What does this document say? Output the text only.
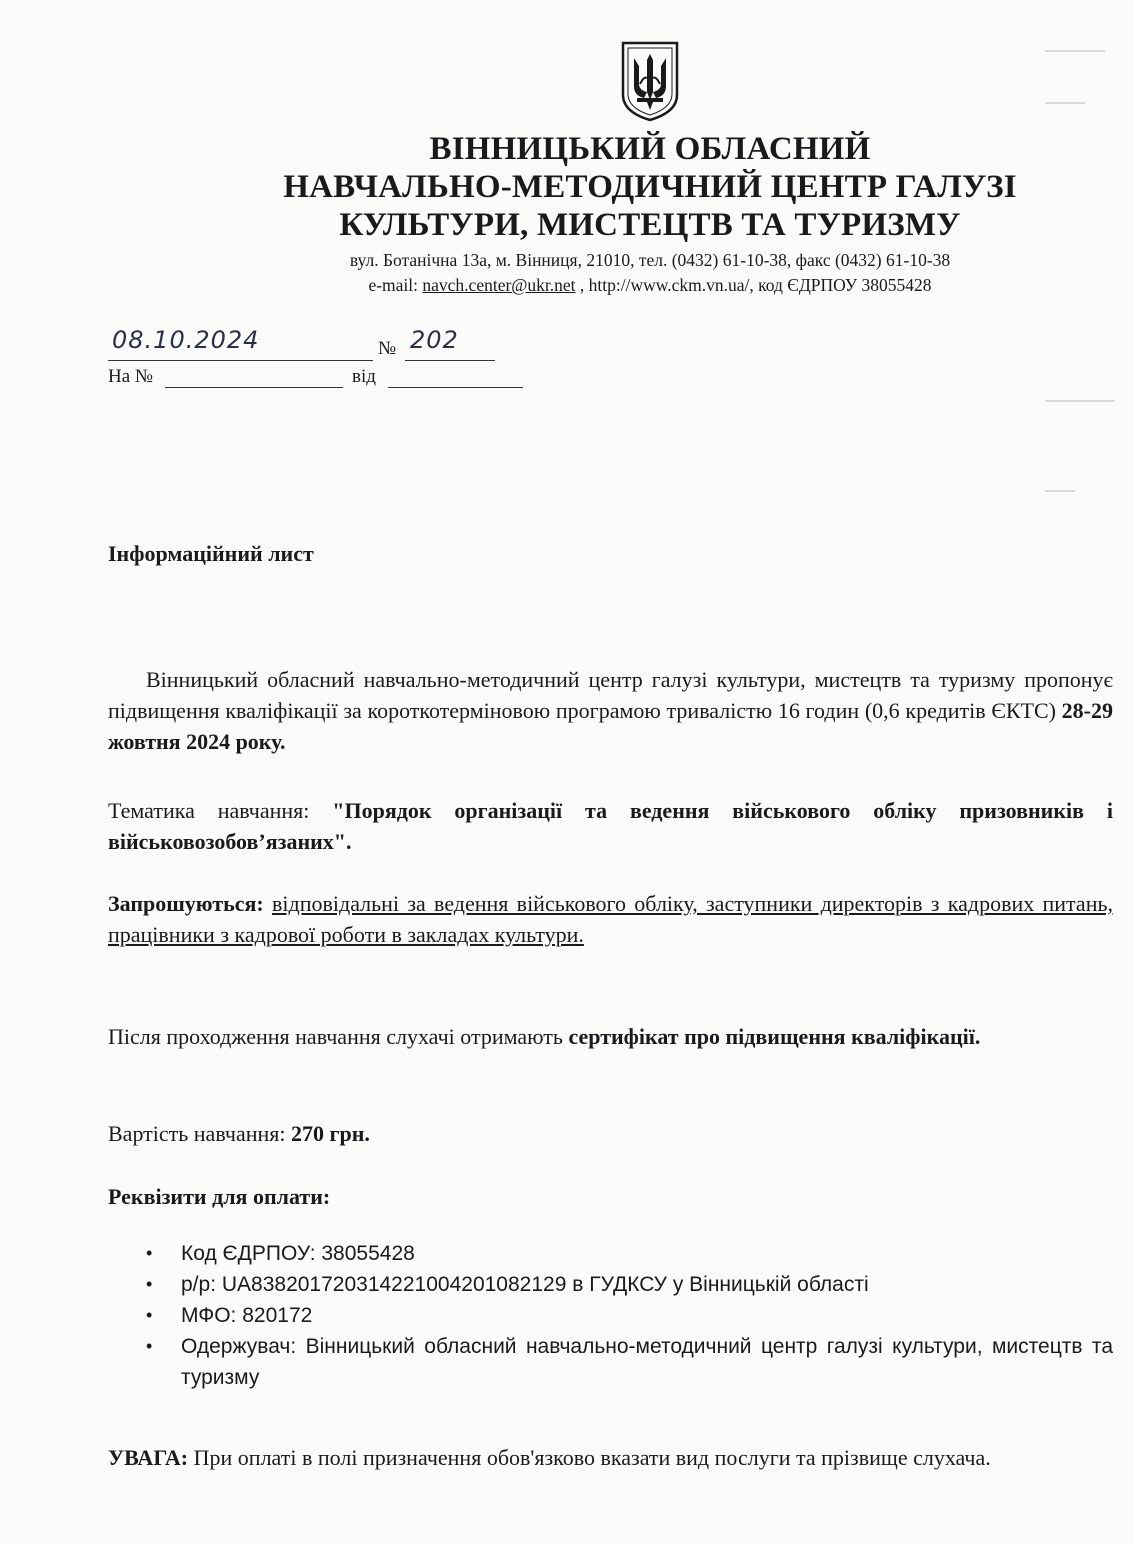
ВІННИЦЬКИЙ ОБЛАСНИЙ
НАВЧАЛЬНО-МЕТОДИЧНИЙ ЦЕНТР ГАЛУЗІ
КУЛЬТУРИ, МИСТЕЦТВ ТА ТУРИЗМУ
вул. Ботанічна 13а, м. Вінниця, 21010, тел. (0432) 61-10-38, факс (0432) 61-10-38
e-mail: navch.center@ukr.net , http://www.ckm.vn.ua/, код ЄДРПОУ 38055428
08.10.2024	№ 202
На №	від
Інформаційний лист
Вінницький обласний навчально-методичний центр галузі культури, мистецтв та туризму пропонує підвищення кваліфікації за короткотерміновою програмою тривалістю 16 годин (0,6 кредитів ЄКТС) 28-29 жовтня 2024 року.
Тематика навчання: "Порядок організації та ведення військового обліку призовників і військовозобов’язаних".
Запрошуються: відповідальні за ведення військового обліку, заступники директорів з кадрових питань, працівники з кадрової роботи в закладах культури.
Після проходження навчання слухачі отримають сертифікат про підвищення кваліфікації.
Вартість навчання: 270 грн.
Реквізити для оплати:
• Код ЄДРПОУ: 38055428
• р/р: UA838201720314221004201082129 в ГУДКСУ у Вінницькій області
• МФО: 820172
• Одержувач: Вінницький обласний навчально-методичний центр галузі культури, мистецтв та туризму
УВАГА: При оплаті в полі призначення обов'язково вказати вид послуги та прізвище слухача.
